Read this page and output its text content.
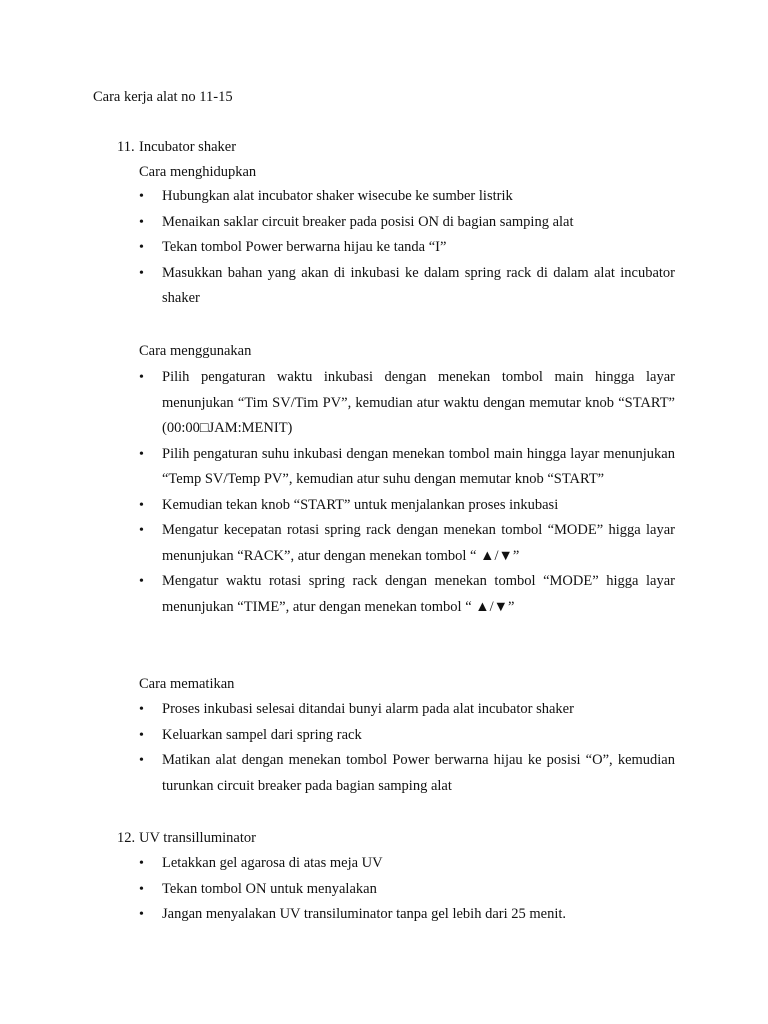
Cara kerja alat no 11-15
11. Incubator shaker
Cara menghidupkan
• Hubungkan alat incubator shaker wisecube ke sumber listrik
• Menaikan saklar circuit breaker pada posisi ON di bagian samping alat
• Tekan tombol Power berwarna hijau ke tanda “I”
• Masukkan bahan yang akan di inkubasi ke dalam spring rack di dalam alat incubator shaker
Cara menggunakan
• Pilih pengaturan waktu inkubasi dengan menekan tombol main hingga layar menunjukan “Tim SV/Tim PV”, kemudian atur waktu dengan memutar knob “START” (00:00□JAM:MENIT)
• Pilih pengaturan suhu inkubasi dengan menekan tombol main hingga layar menunjukan “Temp SV/Temp PV”, kemudian atur suhu dengan memutar knob “START”
• Kemudian tekan knob “START” untuk menjalankan proses inkubasi
• Mengatur kecepatan rotasi spring rack dengan menekan tombol “MODE” higga layar menunjukan “RACK”, atur dengan menekan tombol “ ▲/▼”
• Mengatur waktu rotasi spring rack dengan menekan tombol “MODE” higga layar menunjukan “TIME”, atur dengan menekan tombol “ ▲/▼”
Cara mematikan
• Proses inkubasi selesai ditandai bunyi alarm pada alat incubator shaker
• Keluarkan sampel dari spring rack
• Matikan alat dengan menekan tombol Power berwarna hijau ke posisi “O”, kemudian turunkan circuit breaker pada bagian samping alat
12. UV transilluminator
• Letakkan gel agarosa di atas meja UV
• Tekan tombol ON untuk menyalakan
• Jangan menyalakan UV transiluminator tanpa gel lebih dari 25 menit.
